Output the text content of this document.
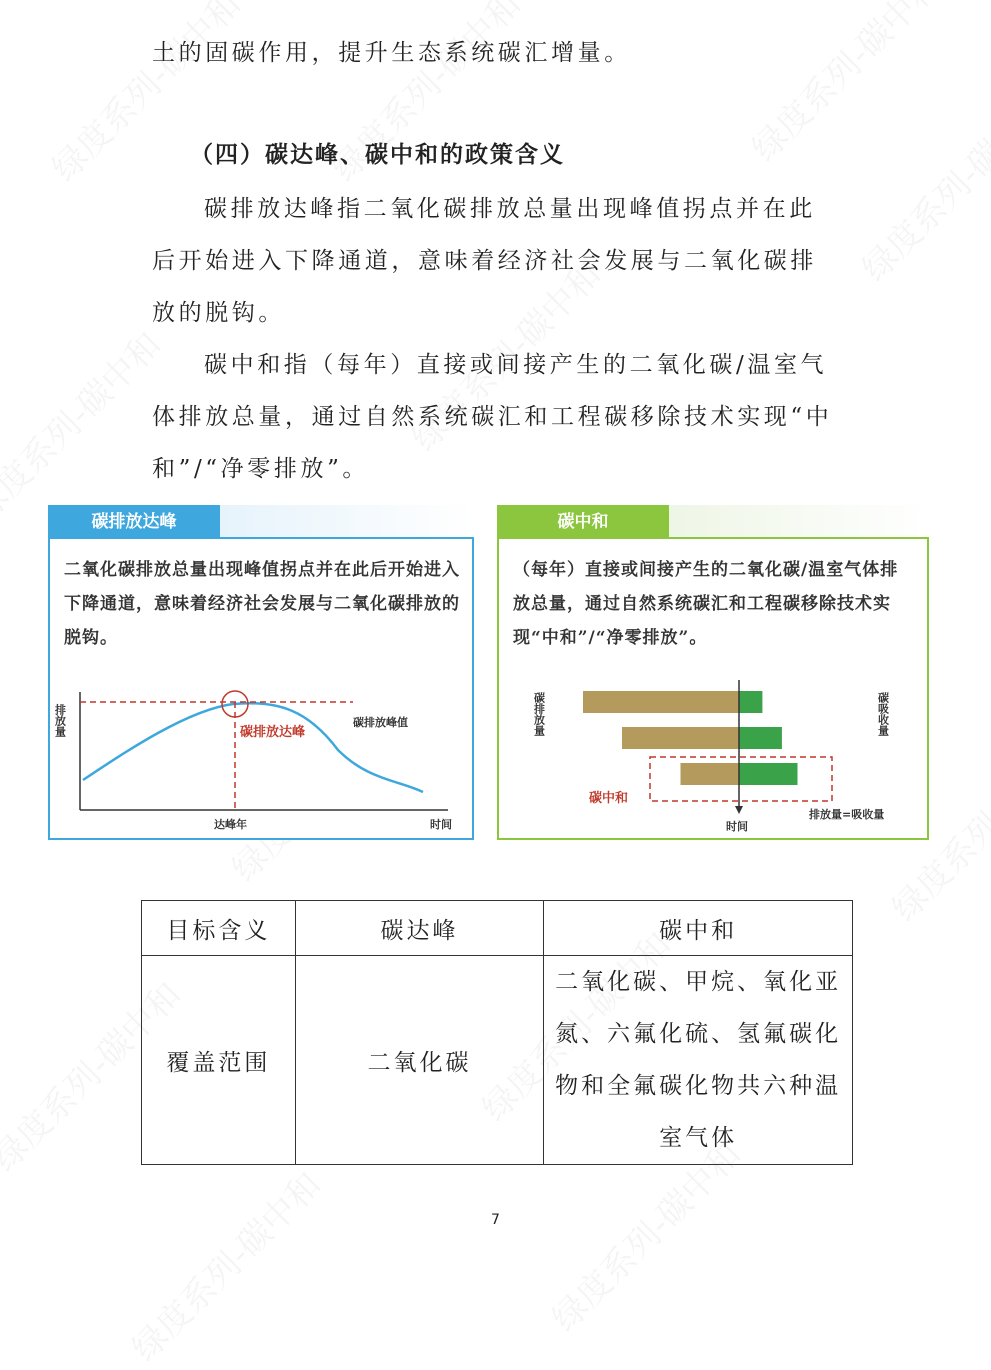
土的固碳作用，提升生态系统碳汇增量。

（四）碳达峰、碳中和的政策含义

碳排放达峰指二氧化碳排放总量出现峰值拐点并在此后开始进入下降通道，意味着经济社会发展与二氧化碳排放的脱钩。

碳中和指（每年）直接或间接产生的二氧化碳/温室气体排放总量，通过自然系统碳汇和工程碳移除技术实现“中和”/“净零排放”。

碳排放达峰

二氧化碳排放总量出现峰值拐点并在此后开始进入下降通道，意味着经济社会发展与二氧化碳排放的脱钩。

排放量	碳排放达峰
碳排放峰值
达峰年	时间
碳中和

（每年）直接或间接产生的二氧化碳/温室气体排放总量，通过自然系统碳汇和工程碳移除技术实现“中和”/“净零排放”。

碳排放量	碳吸收量
碳中和
时间
排放量=吸收量
目标含义	碳达峰	碳中和
覆盖范围	二氧化碳	二氧化碳、甲烷、氧化亚氮、六氟化硫、氢氟碳化物和全氟碳化物共六种温室气体
7
